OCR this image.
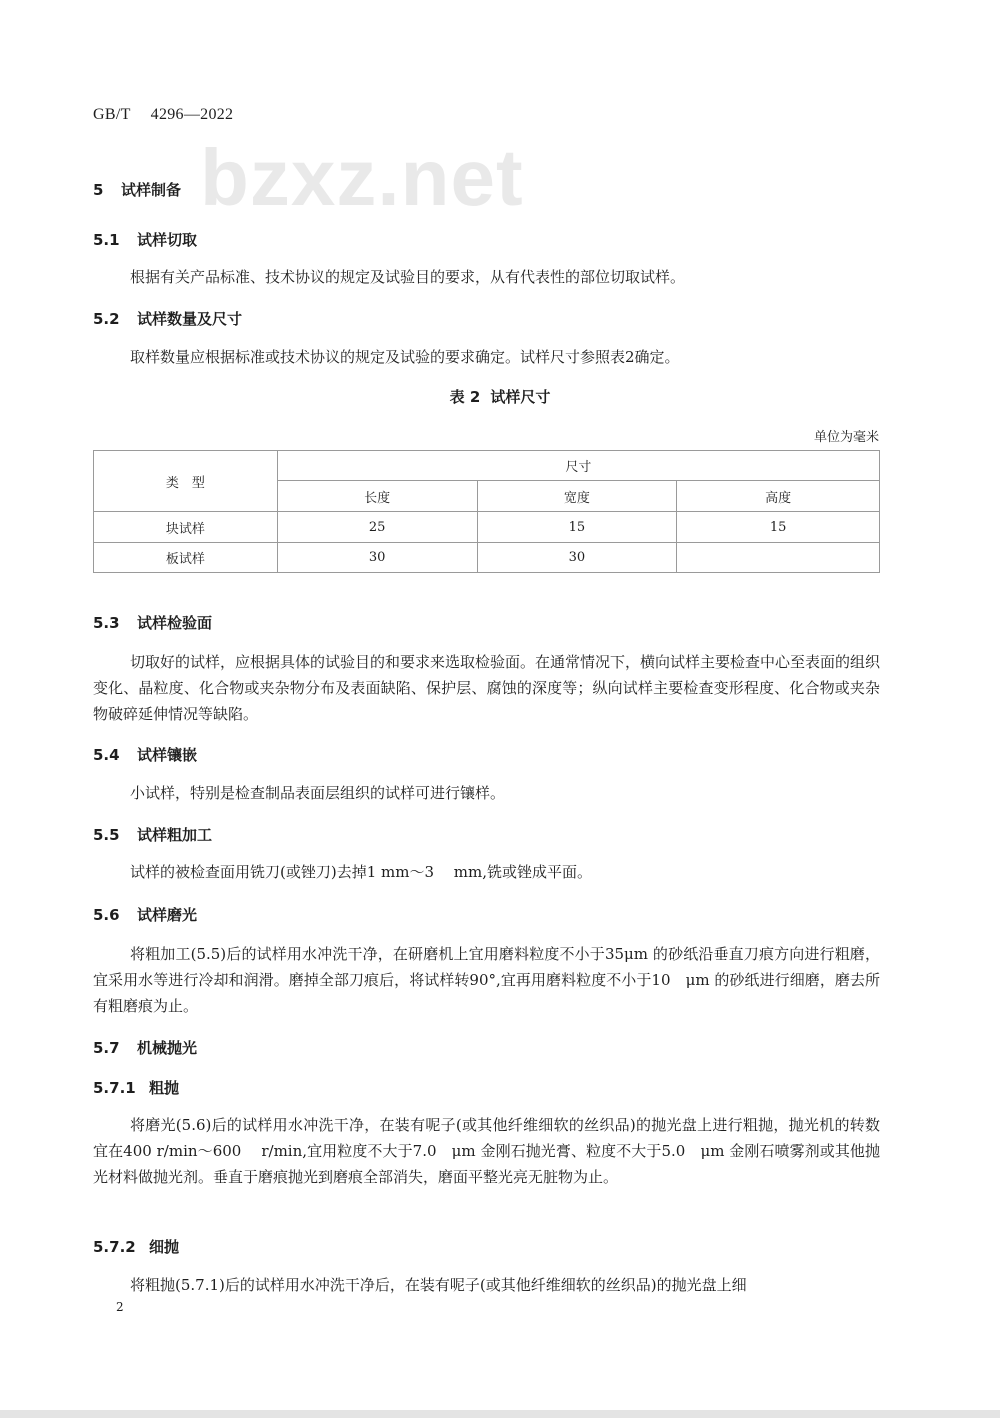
GB/T 4296—2022
bzxz.net
5 试样制备
5.1 试样切取
根据有关产品标准、技术协议的规定及试验目的要求，从有代表性的部位切取试样。
5.2 试样数量及尺寸
取样数量应根据标准或技术协议的规定及试验的要求确定。试样尺寸参照表2确定。
表 2 试样尺寸
单位为毫米
类　型	尺寸		
	长度	宽度	高度
块试样	25	15	15
板试样	30	30	
5.3 试样检验面
切取好的试样，应根据具体的试验目的和要求来选取检验面。在通常情况下，横向试样主要检查中心至表面的组织变化、晶粒度、化合物或夹杂物分布及表面缺陷、保护层、腐蚀的深度等；纵向试样主要检查变形程度、化合物或夹杂物破碎延伸情况等缺陷。
5.4 试样镶嵌
小试样，特别是检查制品表面层组织的试样可进行镶样。
5.5 试样粗加工
试样的被检查面用铣刀(或锉刀)去掉1 mm～3　 mm,铣或锉成平面。
5.6 试样磨光
将粗加工(5.5)后的试样用水冲洗干净，在研磨机上宜用磨料粒度不小于35μm 的砂纸沿垂直刀痕方向进行粗磨，宜采用水等进行冷却和润滑。磨掉全部刀痕后，将试样转90°,宜再用磨料粒度不小于10　μm 的砂纸进行细磨，磨去所有粗磨痕为止。
5.7 机械抛光
5.7.1 粗抛
将磨光(5.6)后的试样用水冲洗干净，在装有呢子(或其他纤维细软的丝织品)的抛光盘上进行粗抛，抛光机的转数宜在400 r/min～600　 r/min,宜用粒度不大于7.0　μm 金刚石抛光膏、粒度不大于5.0　μm 金刚石喷雾剂或其他抛光材料做抛光剂。垂直于磨痕抛光到磨痕全部消失，磨面平整光亮无脏物为止。
5.7.2 细抛
将粗抛(5.7.1)后的试样用水冲洗干净后，在装有呢子(或其他纤维细软的丝织品)的抛光盘上细
2
